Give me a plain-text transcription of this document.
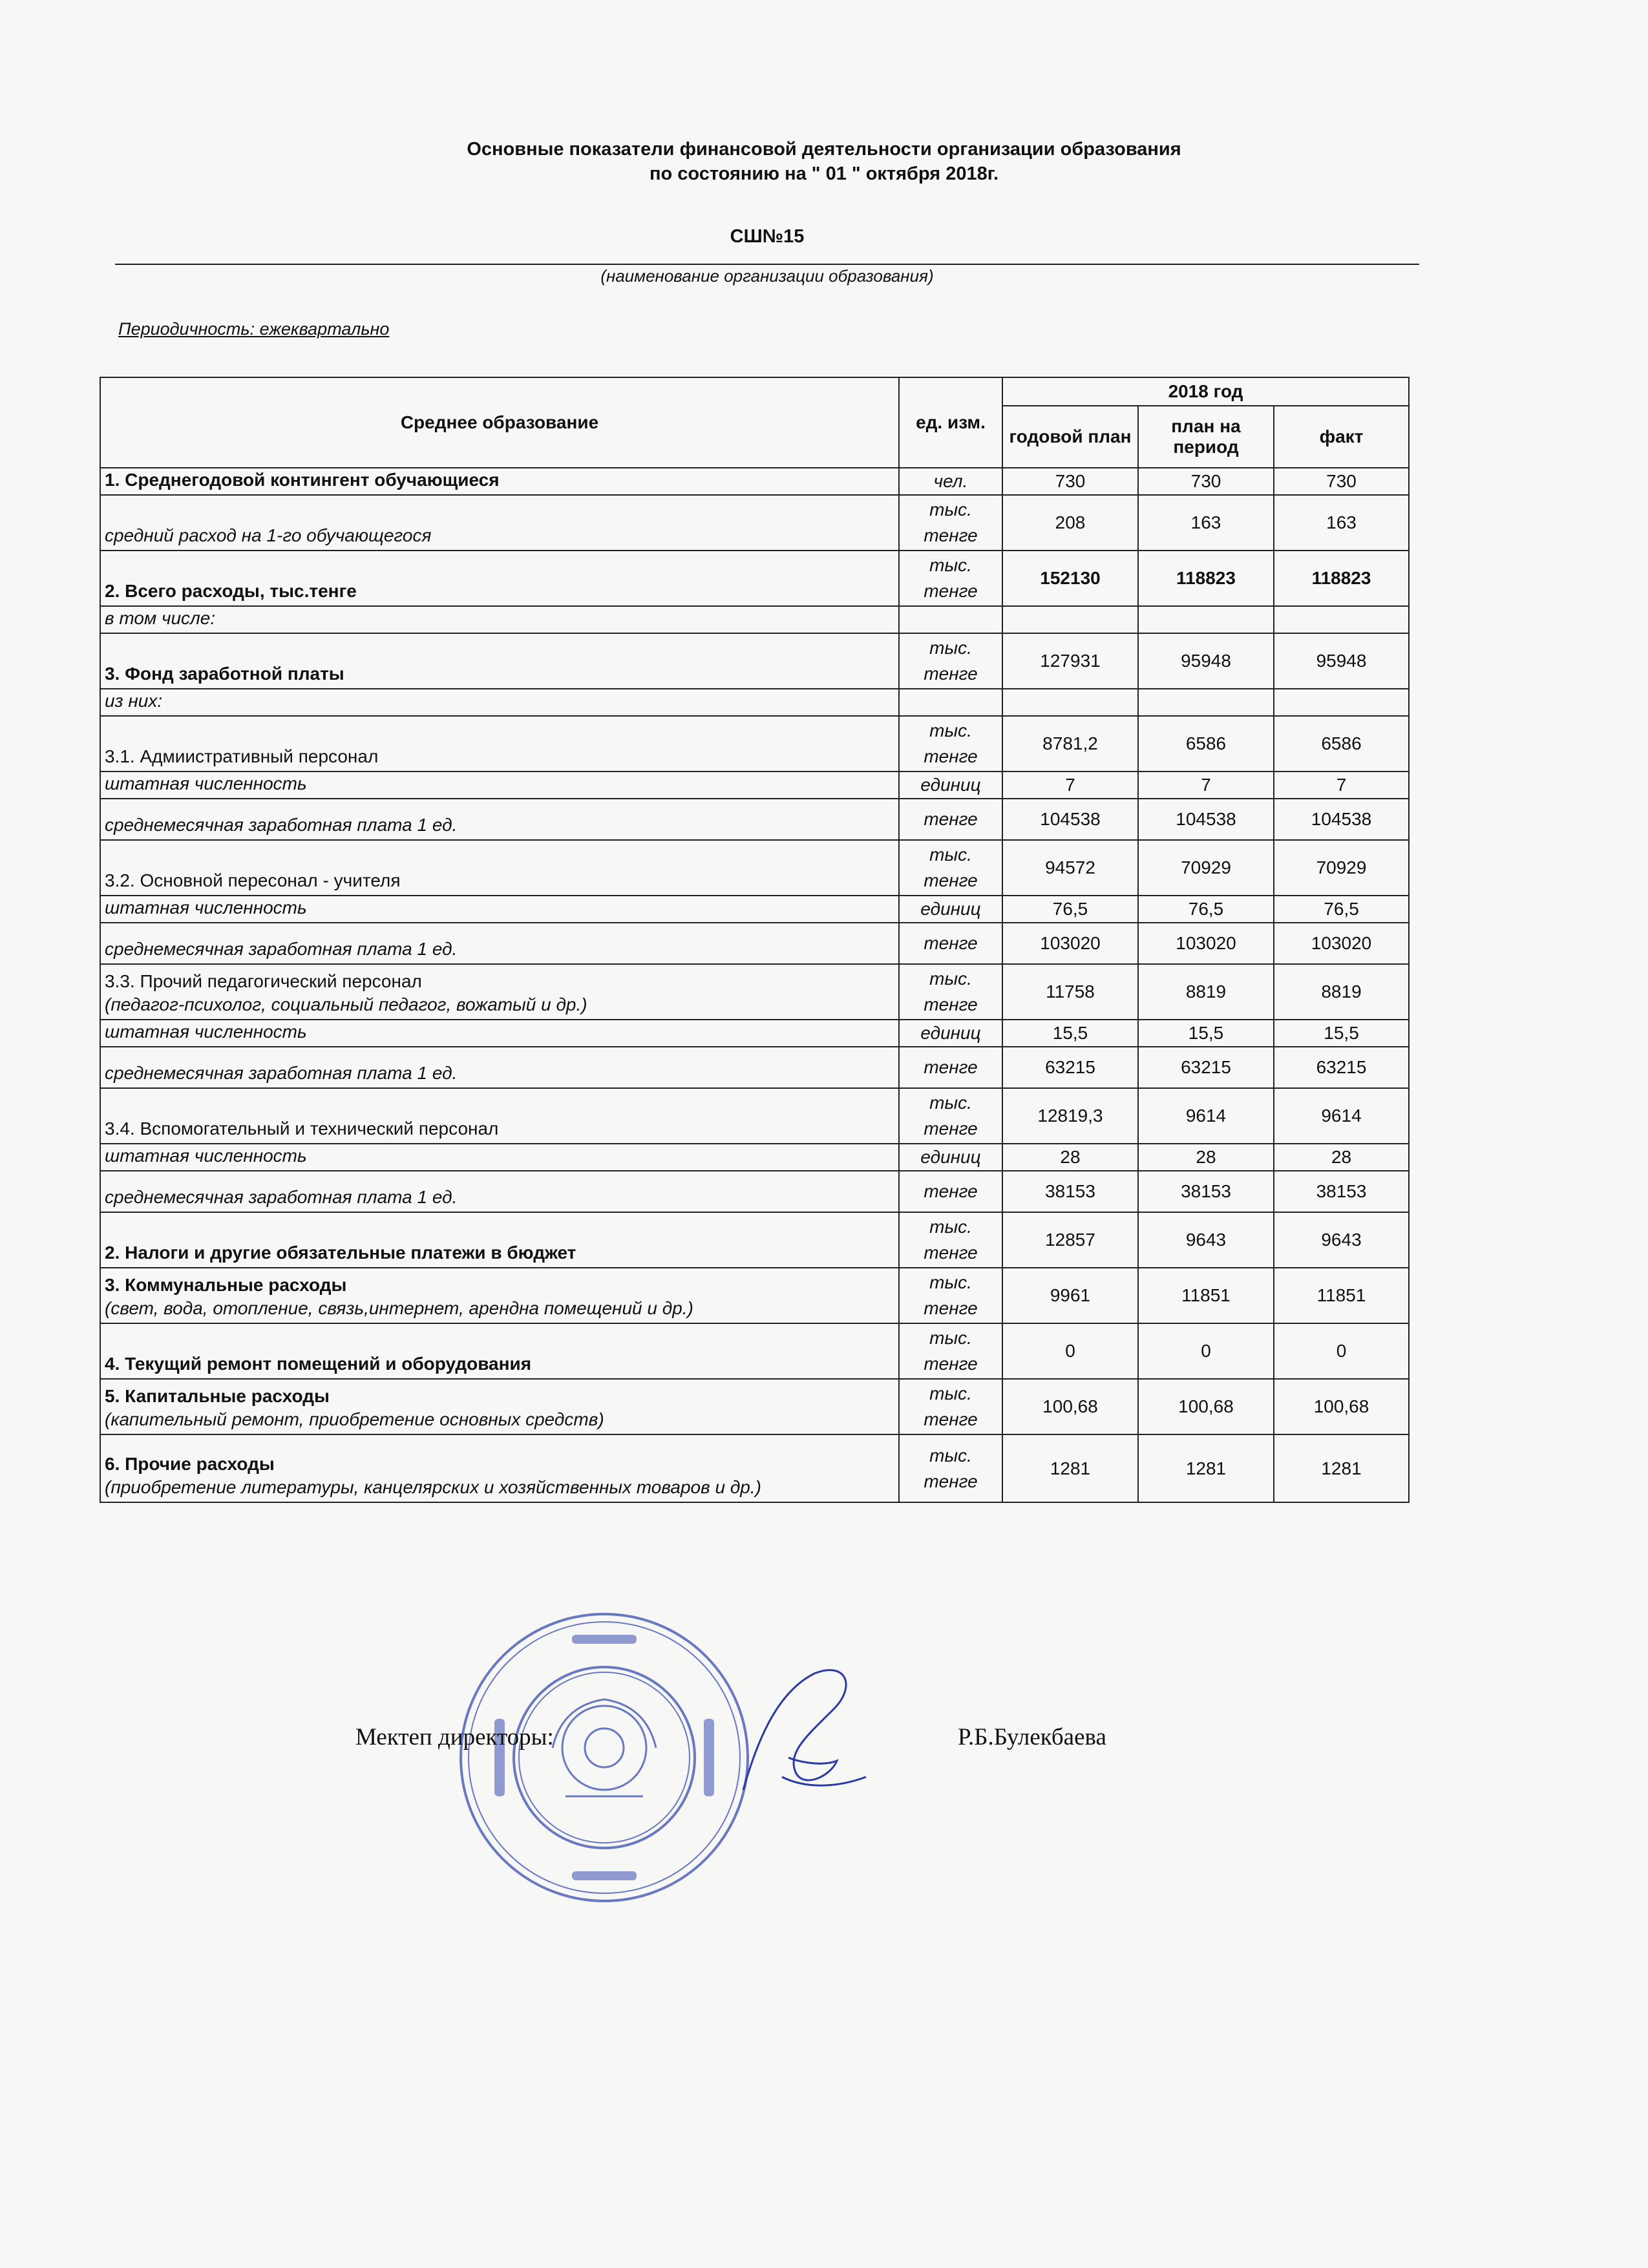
Основные показатели финансовой деятельности организации образования
по состоянию на " 01 " октября 2018г.
СШ№15
(наименование организации образования)
Периодичность: ежеквартально
Среднее образование	ед. изм.	2018 год		
		годовой план	план на период	факт

1. Среднегодовой контингент обучающиеся	чел.	730	730	730

средний расход на 1-го обучающегося	тыс. тенге	208	163	163

2. Всего расходы, тыс.тенге	тыс. тенге	152130	118823	118823

в том числе:				

3. Фонд заработной платы	тыс. тенге	127931	95948	95948

из них:				

3.1. Адмиистративный персонал	тыс. тенге	8781,2	6586	6586

штатная численность	единиц	7	7	7

среднемесячная заработная плата 1 ед.	тенге	104538	104538	104538

3.2. Основной пересонал - учителя	тыс. тенге	94572	70929	70929

штатная численность	единиц	76,5	76,5	76,5

среднемесячная заработная плата 1 ед.	тенге	103020	103020	103020

3.3. Прочий педагогический персонал
(педагог-психолог, социальный педагог, вожатый и др.)	тыс. тенге	11758	8819	8819

штатная численность	единиц	15,5	15,5	15,5

среднемесячная заработная плата 1 ед.	тенге	63215	63215	63215

3.4. Вспомогательный и технический персонал	тыс. тенге	12819,3	9614	9614

штатная численность	единиц	28	28	28

среднемесячная заработная плата 1 ед.	тенге	38153	38153	38153

2. Налоги и другие обязательные платежи в бюджет	тыс. тенге	12857	9643	9643

3. Коммунальные расходы
(свет, вода, отопление, связь,интернет, арендна помещений и др.)	тыс. тенге	9961	11851	11851

4. Текущий ремонт помещений и оборудования	тыс. тенге	0	0	0

5. Капитальные расходы
(капительный ремонт, приобретение основных средств)	тыс. тенге	100,68	100,68	100,68

6. Прочие расходы
(приобретение литературы, канцелярских и хозяйственных товаров и др.)	тыс. тенге	1281	1281	1281
Мектеп директоры:	Р.Б.Булекбаева
